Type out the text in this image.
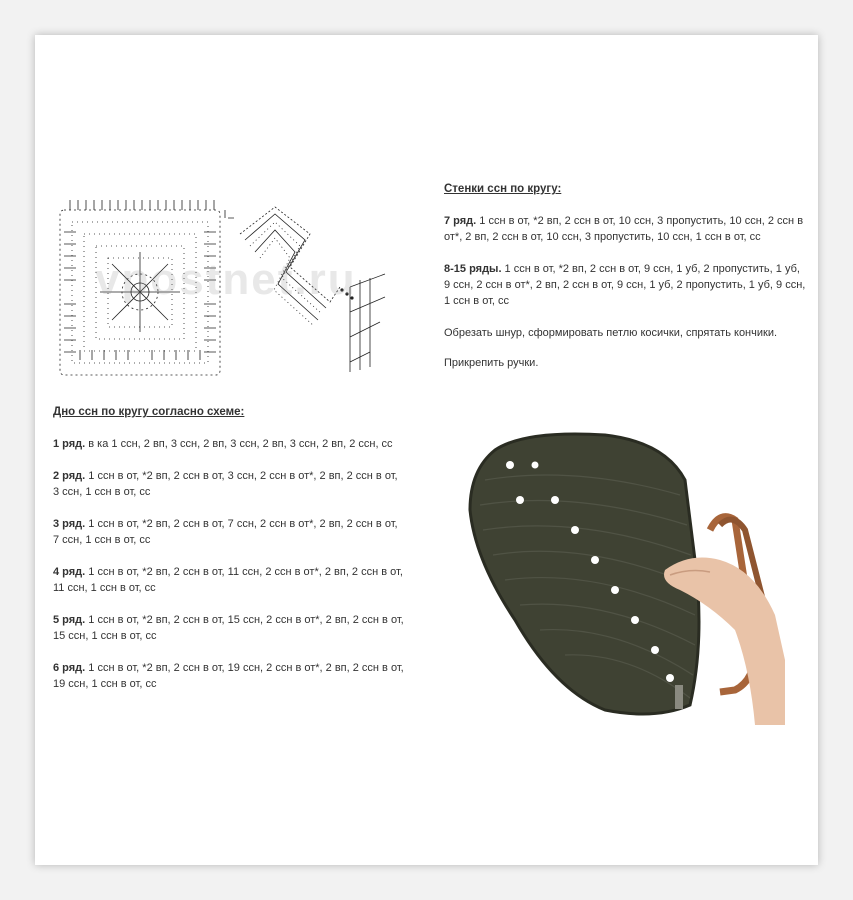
vpostnet.ru
Дно ссн по кругу согласно схеме:
1 ряд. в ка 1 ссн, 2 вп, 3 ссн, 2 вп, 3 ссн, 2 вп, 3 ссн, 2 вп, 2 ссн, сс
2 ряд. 1 ссн в от, *2 вп, 2 ссн в от, 3 ссн, 2 ссн в от*, 2 вп, 2 ссн в от, 3 ссн, 1 ссн в от, сс
3 ряд. 1 ссн в от, *2 вп, 2 ссн в от, 7 ссн, 2 ссн в от*, 2 вп, 2 ссн в от, 7 ссн, 1 ссн в от, сс
4 ряд. 1 ссн в от, *2 вп, 2 ссн в от, 11 ссн, 2 ссн в от*, 2 вп, 2 ссн в от, 11 ссн, 1 ссн в от, сс
5 ряд. 1 ссн в от, *2 вп, 2 ссн в от, 15 ссн, 2 ссн в от*, 2 вп, 2 ссн в от, 15 ссн, 1 ссн в от, сс
6 ряд. 1 ссн в от, *2 вп, 2 ссн в от, 19 ссн, 2 ссн в от*, 2 вп, 2 ссн в от, 19 ссн, 1 ссн в от, сс
Стенки ссн по кругу:
7 ряд. 1 ссн в от, *2 вп, 2 ссн в от, 10 ссн, 3 пропустить, 10 ссн, 2 ссн в от*, 2 вп, 2 ссн в от, 10 ссн, 3 пропустить, 10 ссн, 1 ссн в от, сс
8-15 ряды. 1 ссн в от, *2 вп, 2 ссн в от, 9 ссн, 1 уб, 2 пропустить, 1 уб, 9 ссн, 2 ссн в от*, 2 вп, 2 ссн в от, 9 ссн, 1 уб, 2 пропустить, 1 уб, 9 ссн, 1 ссн в от, сс
Обрезать шнур, сформировать петлю косички, спрятать кончики.
Прикрепить ручки.
